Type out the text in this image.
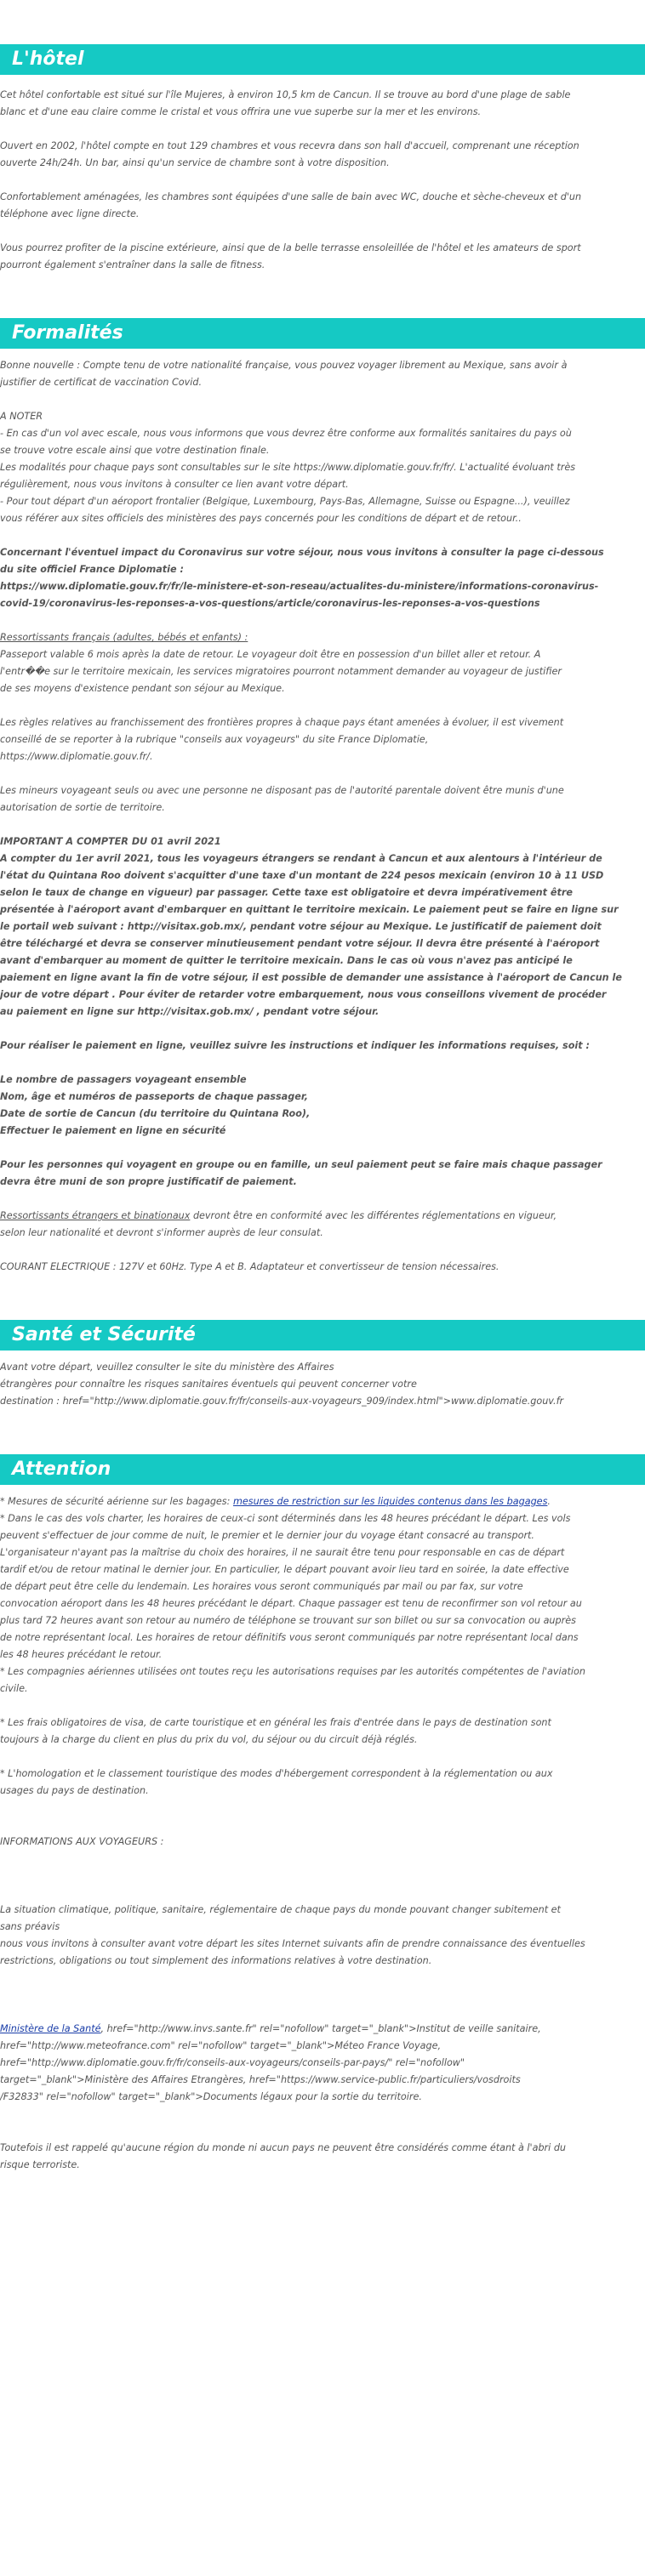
L'hôtel

Cet hôtel confortable est situé sur l'île Mujeres, à environ 10,5 km de Cancun. Il se trouve au bord d'une plage de sable
blanc et d'une eau claire comme le cristal et vous offrira une vue superbe sur la mer et les environs.

Ouvert en 2002, l'hôtel compte en tout 129 chambres et vous recevra dans son hall d'accueil, comprenant une réception
ouverte 24h/24h. Un bar, ainsi qu'un service de chambre sont à votre disposition.

Confortablement aménagées, les chambres sont équipées d'une salle de bain avec WC, douche et sèche-cheveux et d'un
téléphone avec ligne directe.

Vous pourrez profiter de la piscine extérieure, ainsi que de la belle terrasse ensoleillée de l'hôtel et les amateurs de sport
pourront également s'entraîner dans la salle de fitness.

Formalités

Bonne nouvelle : Compte tenu de votre nationalité française, vous pouvez voyager librement au Mexique, sans avoir à
justifier de certificat de vaccination Covid.

A NOTER
- En cas d'un vol avec escale, nous vous informons que vous devrez être conforme aux formalités sanitaires du pays où
se trouve votre escale ainsi que votre destination finale.
Les modalités pour chaque pays sont consultables sur le site https://www.diplomatie.gouv.fr/fr/. L'actualité évoluant très
régulièrement, nous vous invitons à consulter ce lien avant votre départ.
- Pour tout départ d'un aéroport frontalier (Belgique, Luxembourg, Pays-Bas, Allemagne, Suisse ou Espagne...), veuillez
vous référer aux sites officiels des ministères des pays concernés pour les conditions de départ et de retour..

Concernant l'éventuel impact du Coronavirus sur votre séjour, nous vous invitons à consulter la page ci-dessous
du site officiel France Diplomatie :
https://www.diplomatie.gouv.fr/fr/le-ministere-et-son-reseau/actualites-du-ministere/informations-coronavirus-
covid-19/coronavirus-les-reponses-a-vos-questions/article/coronavirus-les-reponses-a-vos-questions

Ressortissants français (adultes, bébés et enfants) :
Passeport valable 6 mois après la date de retour. Le voyageur doit être en possession d'un billet aller et retour. A
l'entr��e sur le territoire mexicain, les services migratoires pourront notamment demander au voyageur de justifier
de ses moyens d'existence pendant son séjour au Mexique.

Les règles relatives au franchissement des frontières propres à chaque pays étant amenées à évoluer, il est vivement
conseillé de se reporter à la rubrique "conseils aux voyageurs" du site France Diplomatie,
https://www.diplomatie.gouv.fr/.

Les mineurs voyageant seuls ou avec une personne ne disposant pas de l'autorité parentale doivent être munis d'une
autorisation de sortie de territoire.

IMPORTANT A COMPTER DU 01 avril 2021
A compter du 1er avril 2021, tous les voyageurs étrangers se rendant à Cancun et aux alentours à l'intérieur de
l'état du Quintana Roo doivent s'acquitter d'une taxe d'un montant de 224 pesos mexicain (environ 10 à 11 USD
selon le taux de change en vigueur) par passager. Cette taxe est obligatoire et devra impérativement être
présentée à l'aéroport avant d'embarquer en quittant le territoire mexicain. Le paiement peut se faire en ligne sur
le portail web suivant : http://visitax.gob.mx/, pendant votre séjour au Mexique. Le justificatif de paiement doit
être téléchargé et devra se conserver minutieusement pendant votre séjour. Il devra être présenté à l'aéroport
avant d'embarquer au moment de quitter le territoire mexicain. Dans le cas où vous n'avez pas anticipé le
paiement en ligne avant la fin de votre séjour, il est possible de demander une assistance à l'aéroport de Cancun le
jour de votre départ . Pour éviter de retarder votre embarquement, nous vous conseillons vivement de procéder
au paiement en ligne sur http://visitax.gob.mx/ , pendant votre séjour.

Pour réaliser le paiement en ligne, veuillez suivre les instructions et indiquer les informations requises, soit :

Le nombre de passagers voyageant ensemble
Nom, âge et numéros de passeports de chaque passager,
Date de sortie de Cancun (du territoire du Quintana Roo),
Effectuer le paiement en ligne en sécurité

Pour les personnes qui voyagent en groupe ou en famille, un seul paiement peut se faire mais chaque passager
devra être muni de son propre justificatif de paiement.

Ressortissants étrangers et binationaux devront être en conformité avec les différentes réglementations en vigueur,
selon leur nationalité et devront s'informer auprès de leur consulat.

COURANT ELECTRIQUE : 127V et 60Hz. Type A et B. Adaptateur et convertisseur de tension nécessaires.

Santé et Sécurité

Avant votre départ, veuillez consulter le site du ministère des Affaires
étrangères pour connaître les risques sanitaires éventuels qui peuvent concerner votre
destination : href="http://www.diplomatie.gouv.fr/fr/conseils-aux-voyageurs_909/index.html">www.diplomatie.gouv.fr

Attention

* Mesures de sécurité aérienne sur les bagages: mesures de restriction sur les liquides contenus dans les bagages.

* Dans le cas des vols charter, les horaires de ceux-ci sont déterminés dans les 48 heures précédant le départ. Les vols
peuvent s'effectuer de jour comme de nuit, le premier et le dernier jour du voyage étant consacré au transport.
L'organisateur n'ayant pas la maîtrise du choix des horaires, il ne saurait être tenu pour responsable en cas de départ
tardif et/ou de retour matinal le dernier jour. En particulier, le départ pouvant avoir lieu tard en soirée, la date effective
de départ peut être celle du lendemain. Les horaires vous seront communiqués par mail ou par fax, sur votre
convocation aéroport dans les 48 heures précédant le départ. Chaque passager est tenu de reconfirmer son vol retour au
plus tard 72 heures avant son retour au numéro de téléphone se trouvant sur son billet ou sur sa convocation ou auprès
de notre représentant local. Les horaires de retour définitifs vous seront communiqués par notre représentant local dans
les 48 heures précédant le retour.
* Les compagnies aériennes utilisées ont toutes reçu les autorisations requises par les autorités compétentes de l'aviation
civile.

* Les frais obligatoires de visa, de carte touristique et en général les frais d'entrée dans le pays de destination sont
toujours à la charge du client en plus du prix du vol, du séjour ou du circuit déjà réglés.

* L'homologation et le classement touristique des modes d'hébergement correspondent à la réglementation ou aux
usages du pays de destination.

INFORMATIONS AUX VOYAGEURS :

La situation climatique, politique, sanitaire, réglementaire de chaque pays du monde pouvant changer subitement et
sans préavis
nous vous invitons à consulter avant votre départ les sites Internet suivants afin de prendre connaissance des éventuelles
restrictions, obligations ou tout simplement des informations relatives à votre destination.

Ministère de la Santé, href="http://www.invs.sante.fr" rel="nofollow" target="_blank">Institut de veille sanitaire,
href="http://www.meteofrance.com" rel="nofollow" target="_blank">Méteo France Voyage,
href="http://www.diplomatie.gouv.fr/fr/conseils-aux-voyageurs/conseils-par-pays/" rel="nofollow"
target="_blank">Ministère des Affaires Etrangères, href="https://www.service-public.fr/particuliers/vosdroits
/F32833" rel="nofollow" target="_blank">Documents légaux pour la sortie du territoire.

Toutefois il est rappelé qu'aucune région du monde ni aucun pays ne peuvent être considérés comme étant à l'abri du
risque terroriste.
